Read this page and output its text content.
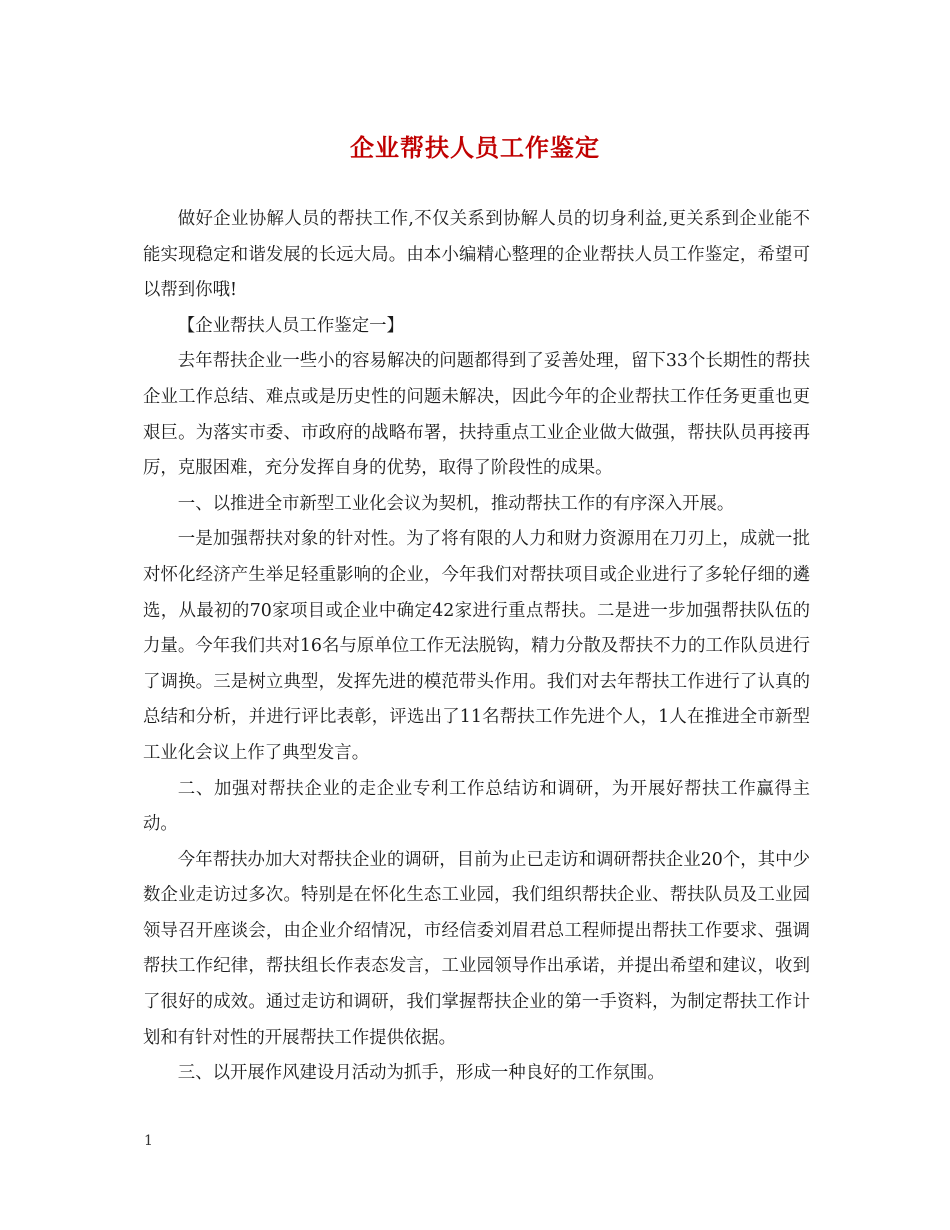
企业帮扶人员工作鉴定

做好企业协解人员的帮扶工作,不仅关系到协解人员的切身利益,更关系到企业能不能实现稳定和谐发展的长远大局。由本小编精心整理的企业帮扶人员工作鉴定，希望可以帮到你哦!

【企业帮扶人员工作鉴定一】

去年帮扶企业一些小的容易解决的问题都得到了妥善处理，留下33个长期性的帮扶企业工作总结、难点或是历史性的问题未解决，因此今年的企业帮扶工作任务更重也更艰巨。为落实市委、市政府的战略布署，扶持重点工业企业做大做强，帮扶队员再接再厉，克服困难，充分发挥自身的优势，取得了阶段性的成果。

一、以推进全市新型工业化会议为契机，推动帮扶工作的有序深入开展。

一是加强帮扶对象的针对性。为了将有限的人力和财力资源用在刀刃上，成就一批对怀化经济产生举足轻重影响的企业，今年我们对帮扶项目或企业进行了多轮仔细的遴选，从最初的70家项目或企业中确定42家进行重点帮扶。二是进一步加强帮扶队伍的力量。今年我们共对16名与原单位工作无法脱钩，精力分散及帮扶不力的工作队员进行了调换。三是树立典型，发挥先进的模范带头作用。我们对去年帮扶工作进行了认真的总结和分析，并进行评比表彰，评选出了11名帮扶工作先进个人，1人在推进全市新型工业化会议上作了典型发言。

二、加强对帮扶企业的走企业专利工作总结访和调研，为开展好帮扶工作赢得主动。

今年帮扶办加大对帮扶企业的调研，目前为止已走访和调研帮扶企业20个，其中少数企业走访过多次。特别是在怀化生态工业园，我们组织帮扶企业、帮扶队员及工业园领导召开座谈会，由企业介绍情况，市经信委刘眉君总工程师提出帮扶工作要求、强调帮扶工作纪律，帮扶组长作表态发言，工业园领导作出承诺，并提出希望和建议，收到了很好的成效。通过走访和调研，我们掌握帮扶企业的第一手资料，为制定帮扶工作计划和有针对性的开展帮扶工作提供依据。

三、以开展作风建设月活动为抓手，形成一种良好的工作氛围。

1
